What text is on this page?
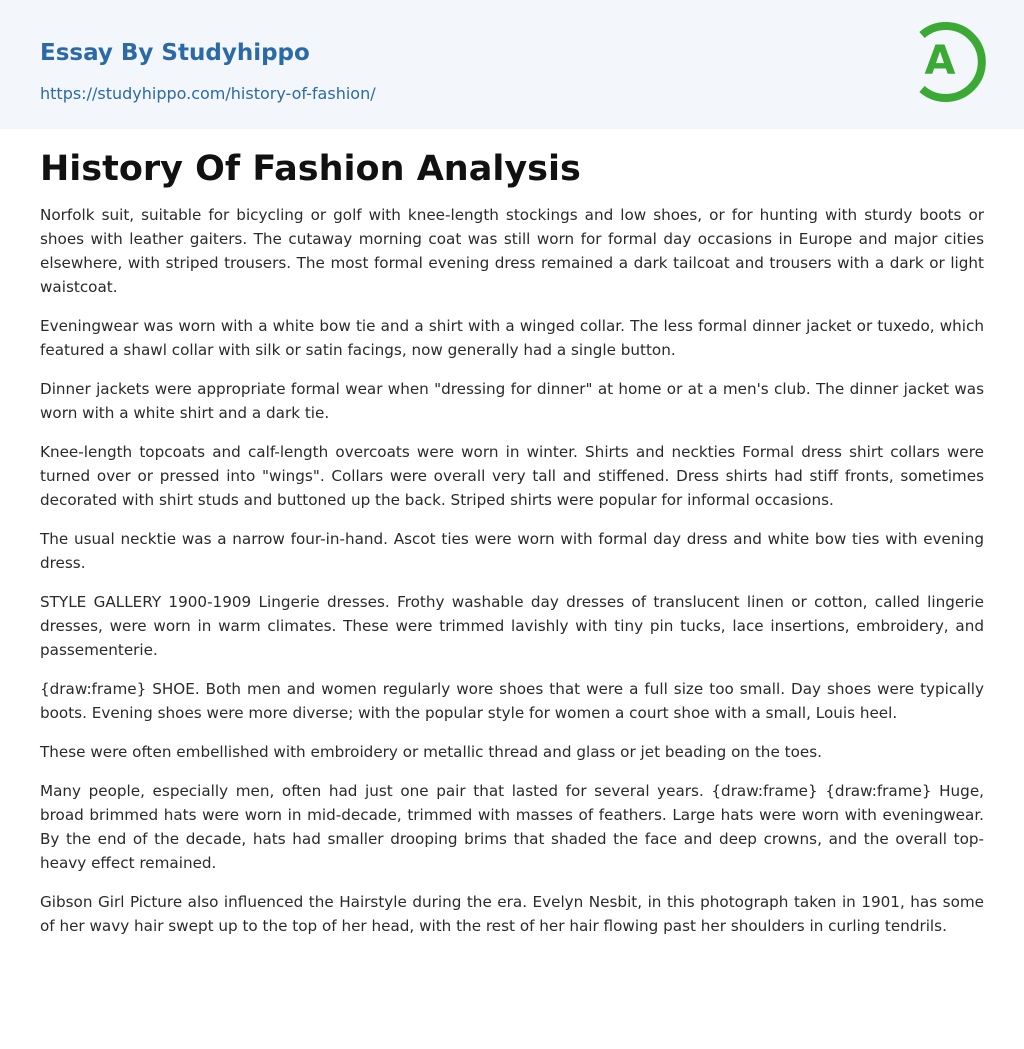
Essay By Studyhippo
https://studyhippo.com/history-of-fashion/
A
History Of Fashion Analysis

Norfolk suit, suitable for bicycling or golf with knee-length stockings and low shoes, or for hunting with sturdy boots or shoes with leather gaiters. The cutaway morning coat was still worn for formal day occasions in Europe and major cities elsewhere, with striped trousers. The most formal evening dress remained a dark tailcoat and trousers with a dark or light waistcoat.

Eveningwear was worn with a white bow tie and a shirt with a winged collar. The less formal dinner jacket or tuxedo, which featured a shawl collar with silk or satin facings, now generally had a single button.

Dinner jackets were appropriate formal wear when "dressing for dinner" at home or at a men's club. The dinner jacket was worn with a white shirt and a dark tie.

Knee-length topcoats and calf-length overcoats were worn in winter. Shirts and neckties Formal dress shirt collars were turned over or pressed into "wings". Collars were overall very tall and stiffened. Dress shirts had stiff fronts, sometimes decorated with shirt studs and buttoned up the back. Striped shirts were popular for informal occasions.

The usual necktie was a narrow four-in-hand. Ascot ties were worn with formal day dress and white bow ties with evening dress.

STYLE GALLERY 1900-1909 Lingerie dresses. Frothy washable day dresses of translucent linen or cotton, called lingerie dresses, were worn in warm climates. These were trimmed lavishly with tiny pin tucks, lace insertions, embroidery, and passementerie.

{draw:frame} SHOE. Both men and women regularly wore shoes that were a full size too small. Day shoes were typically boots. Evening shoes were more diverse; with the popular style for women a court shoe with a small, Louis heel.

These were often embellished with embroidery or metallic thread and glass or jet beading on the toes.

Many people, especially men, often had just one pair that lasted for several years. {draw:frame} {draw:frame} Huge, broad brimmed hats were worn in mid-decade, trimmed with masses of feathers. Large hats were worn with eveningwear. By the end of the decade, hats had smaller drooping brims that shaded the face and deep crowns, and the overall top-heavy effect remained.

Gibson Girl Picture also influenced the Hairstyle during the era. Evelyn Nesbit, in this photograph taken in 1901, has some of her wavy hair swept up to the top of her head, with the rest of her hair flowing past her shoulders in curling tendrils.
